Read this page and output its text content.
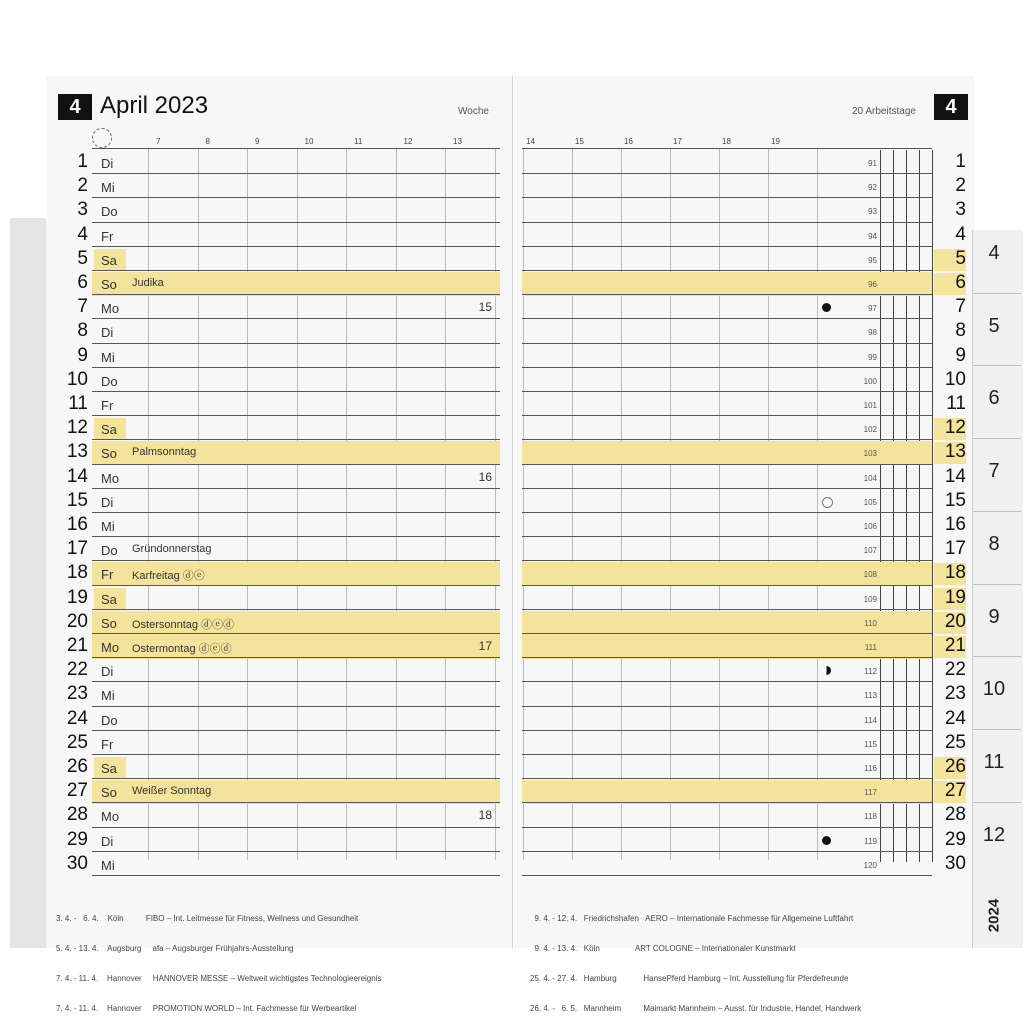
4 April 2023	Woche	20 Arbeitstage	4
7	8	9	10	11	12	13	14	15	16	17	18	19
1 Di	91	1
2 Mi	92	2
3 Do	93	3
4 Fr	94	4
5 Sa	95	5
6 So Judika	96	6
7 Mo	15	97	7
8 Di	98	8
9 Mi	99	9
10 Do	100	10
11 Fr	101	11
12 Sa	102	12
13 So Palmsonntag	103	13
14 Mo	16	104	14
15 Di	105	15
16 Mi	106	16
17 Do Gründonnerstag	107	17
18 Fr Karfreitag ⓓⓔ	108	18
19 Sa	109	19
20 So Ostersonntag ⓓⓔⓓ	110	20
21 Mo Ostermontag ⓓⓔⓓ	17	111	21
22 Di	112	22
23 Mi	113	23
24 Do	114	24
25 Fr	115	25
26 Sa	116	26
27 So Weißer Sonntag	117	27
28 Mo	18	118	28
29 Di	119	29
30 Mi	120	30

3. 4. -   6. 4.    Köln          FIBO – Int. Leitmesse für Fitness, Wellness und Gesundheit

5. 4. - 13. 4.    Augsburg     afa – Augsburger Frühjahrs-Ausstellung

7. 4. - 11. 4.    Hannover     HANNOVER MESSE – Weltweit wichtigstes Technologieereignis

7. 4. - 11. 4.    Hannover     PROMOTION WORLD – Int. Fachmesse für Werbeartikel

9. 4. - 12. 4.   Friedrichshafen   AERO – Internationale Fachmesse für Allgemeine Luftfahrt

9. 4. - 13. 4.   Köln                ART COLOGNE – Internationaler Kunstmarkt

25. 4. - 27. 4.   Hamburg            HansePferd Hamburg – Int. Ausstellung für Pferdefreunde

26. 4. -   6. 5.   Mannheim          Maimarkt Mannheim – Ausst. für Industrie, Handel, Handwerk

4
5
6
7
8
9
10
11
12
2024
